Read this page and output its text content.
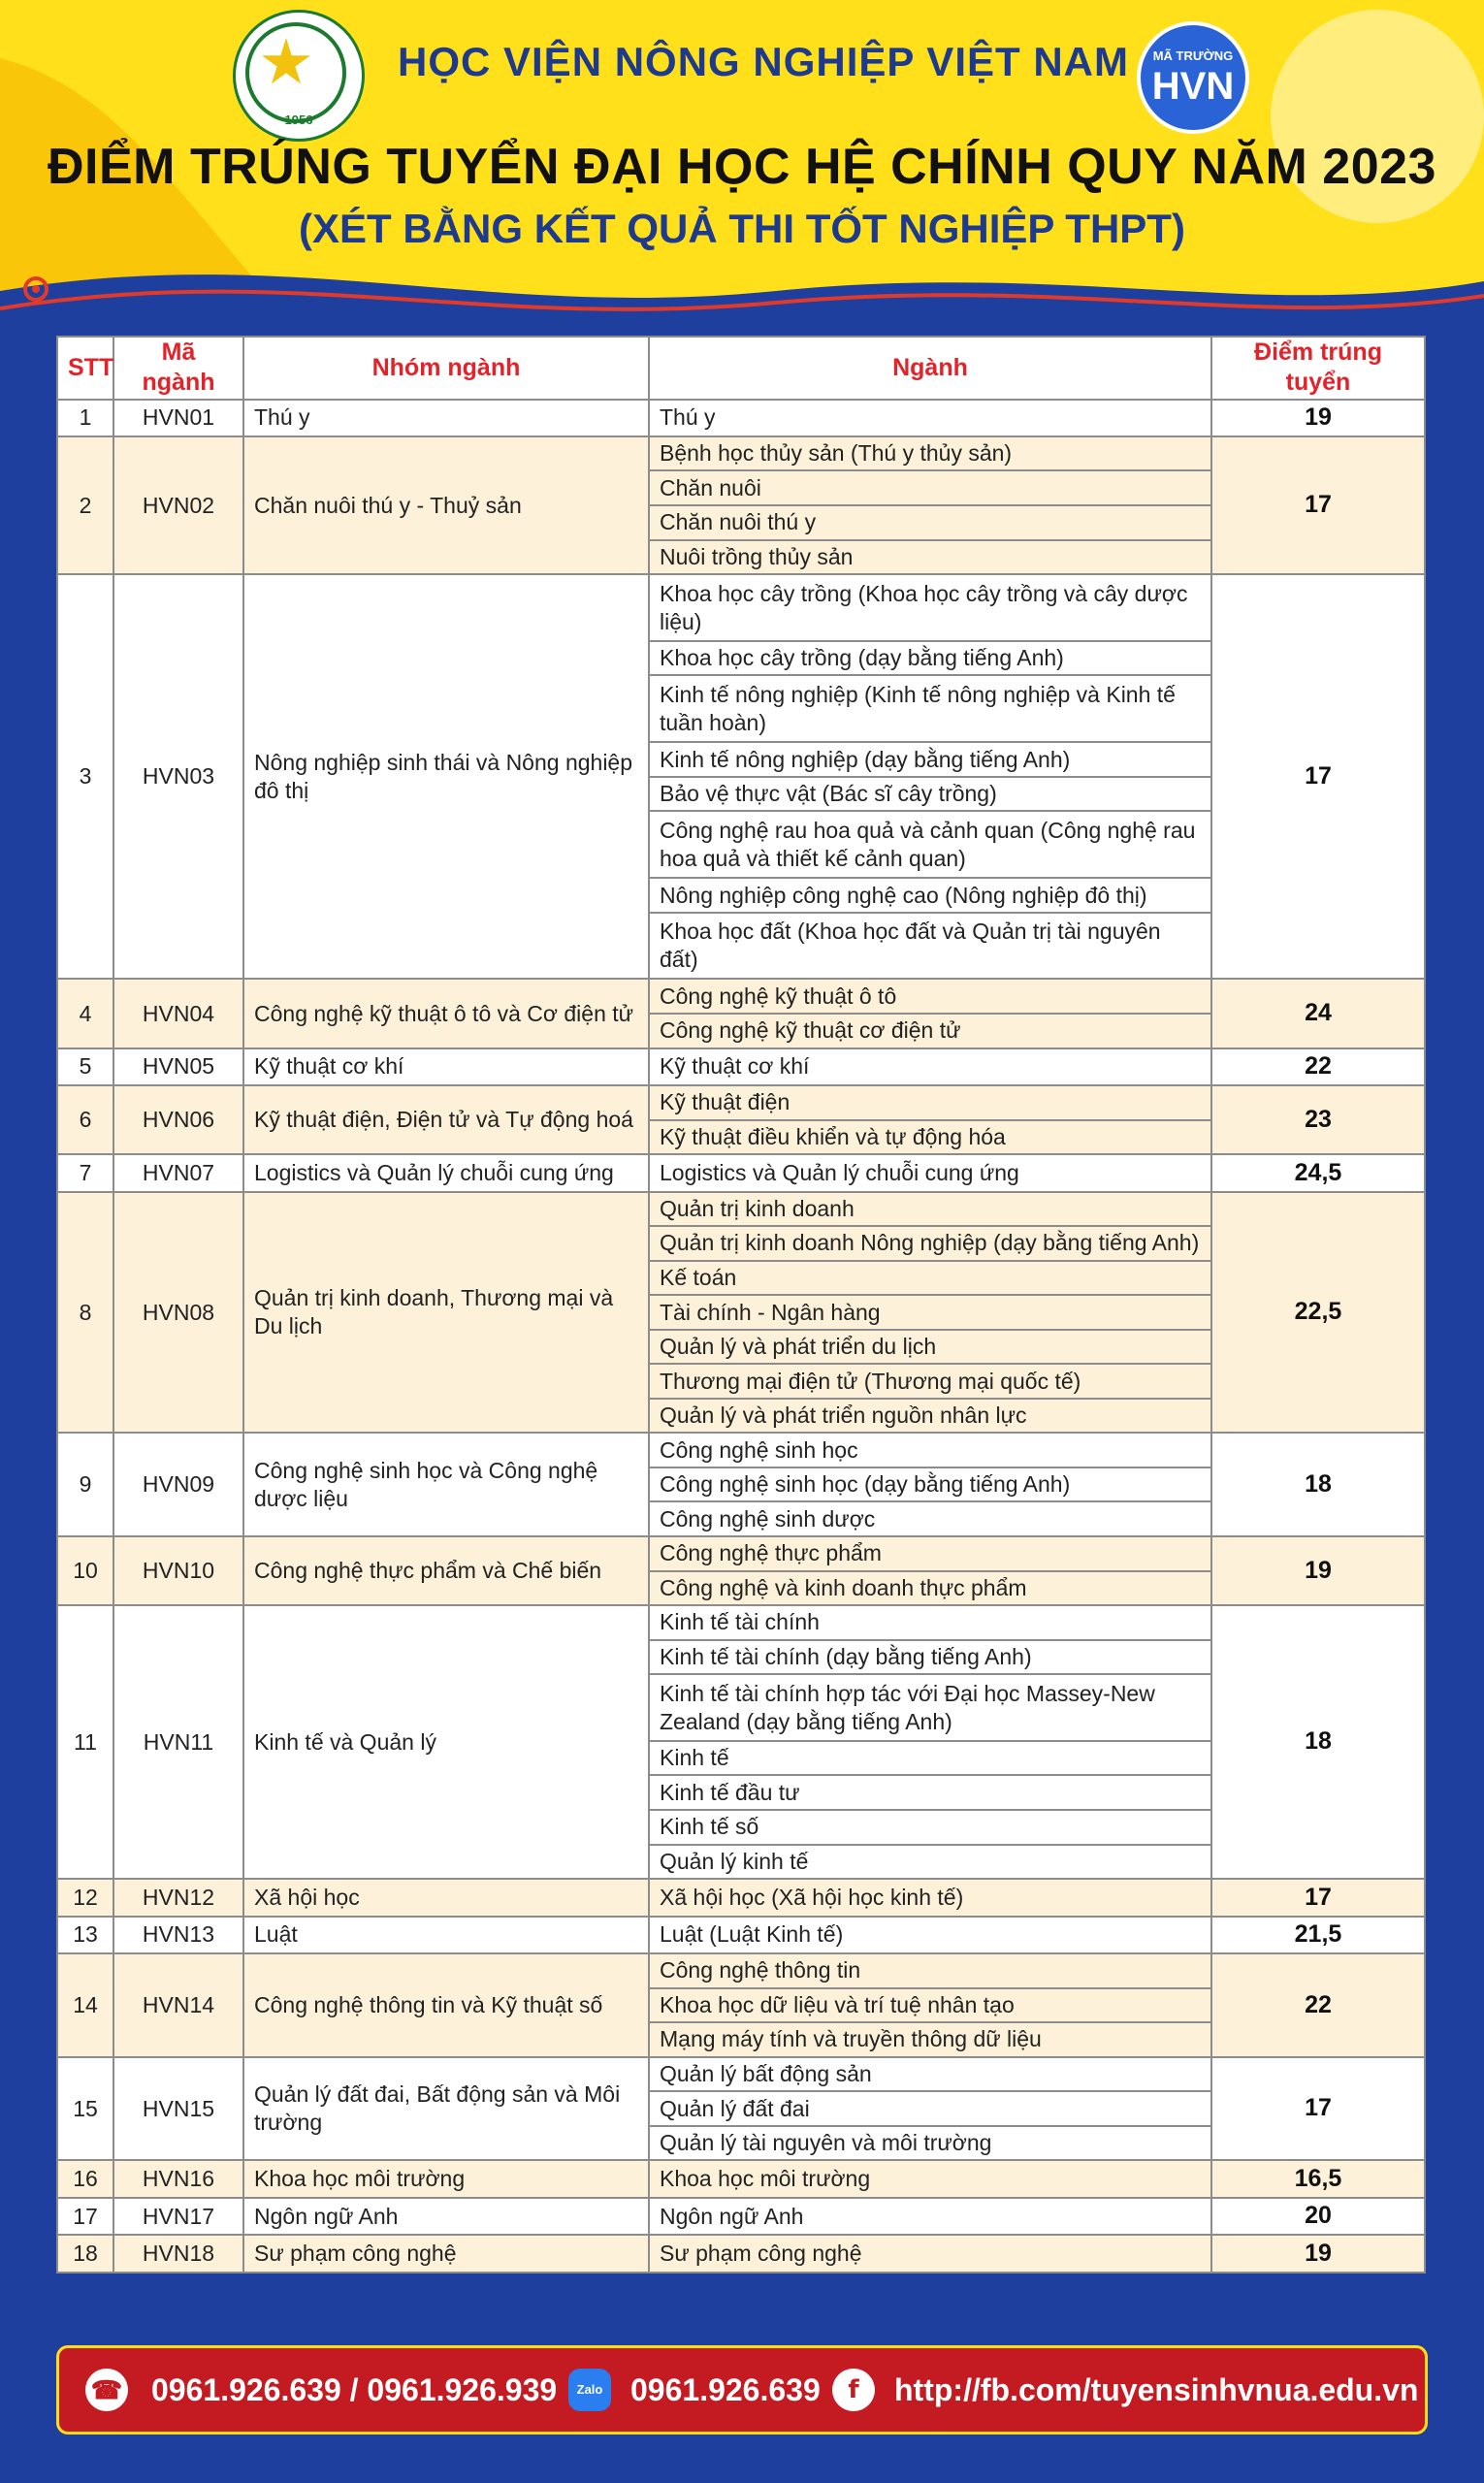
1956
HỌC VIỆN NÔNG NGHIỆP VIỆT NAM	MÃ TRƯỜNG
HVN
ĐIỂM TRÚNG TUYỂN ĐẠI HỌC HỆ CHÍNH QUY NĂM 2023
(XÉT BẰNG KẾT QUẢ THI TỐT NGHIỆP THPT)
STT	Mã ngành	Nhóm ngành	Ngành	Điểm trúng tuyển
1	HVN01	Thú y	Thú y	19
2	HVN02	Chăn nuôi thú y - Thuỷ sản	Bệnh học thủy sản (Thú y thủy sản)	17
			Chăn nuôi	
			Chăn nuôi thú y	
			Nuôi trồng thủy sản	
3	HVN03	Nông nghiệp sinh thái và Nông nghiệp đô thị	Khoa học cây trồng (Khoa học cây trồng và cây dược liệu)	17
			Khoa học cây trồng (dạy bằng tiếng Anh)	
			Kinh tế nông nghiệp (Kinh tế nông nghiệp và Kinh tế tuần hoàn)	
			Kinh tế nông nghiệp (dạy bằng tiếng Anh)	
			Bảo vệ thực vật (Bác sĩ cây trồng)	
			Công nghệ rau hoa quả và cảnh quan (Công nghệ rau hoa quả và thiết kế cảnh quan)	
			Nông nghiệp công nghệ cao (Nông nghiệp đô thị)	
			Khoa học đất (Khoa học đất và Quản trị tài nguyên đất)	
4	HVN04	Công nghệ kỹ thuật ô tô và Cơ điện tử	Công nghệ kỹ thuật ô tô	24
			Công nghệ kỹ thuật cơ điện tử	
5	HVN05	Kỹ thuật cơ khí	Kỹ thuật cơ khí	22
6	HVN06	Kỹ thuật điện, Điện tử và Tự động hoá	Kỹ thuật điện	23
			Kỹ thuật điều khiển và tự động hóa	
7	HVN07	Logistics và Quản lý chuỗi cung ứng	Logistics và Quản lý chuỗi cung ứng	24,5
8	HVN08	Quản trị kinh doanh, Thương mại và Du lịch	Quản trị kinh doanh	22,5
			Quản trị kinh doanh Nông nghiệp (dạy bằng tiếng Anh)	
			Kế toán	
			Tài chính - Ngân hàng	
			Quản lý và phát triển du lịch	
			Thương mại điện tử (Thương mại quốc tế)	
			Quản lý và phát triển nguồn nhân lực	
9	HVN09	Công nghệ sinh học và Công nghệ dược liệu	Công nghệ sinh học	18
			Công nghệ sinh học (dạy bằng tiếng Anh)	
			Công nghệ sinh dược	
10	HVN10	Công nghệ thực phẩm và Chế biến	Công nghệ thực phẩm	19
			Công nghệ và kinh doanh thực phẩm	
11	HVN11	Kinh tế và Quản lý	Kinh tế tài chính	18
			Kinh tế tài chính (dạy bằng tiếng Anh)	
			Kinh tế tài chính hợp tác với Đại học Massey-New Zealand (dạy bằng tiếng Anh)	
			Kinh tế	
			Kinh tế đầu tư	
			Kinh tế số	
			Quản lý kinh tế	
12	HVN12	Xã hội học	Xã hội học (Xã hội học kinh tế)	17
13	HVN13	Luật	Luật (Luật Kinh tế)	21,5
14	HVN14	Công nghệ thông tin và Kỹ thuật số	Công nghệ thông tin	22
			Khoa học dữ liệu và trí tuệ nhân tạo	
			Mạng máy tính và truyền thông dữ liệu	
15	HVN15	Quản lý đất đai, Bất động sản và Môi trường	Quản lý bất động sản	17
			Quản lý đất đai	
			Quản lý tài nguyên và môi trường	
16	HVN16	Khoa học môi trường	Khoa học môi trường	16,5
17	HVN17	Ngôn ngữ Anh	Ngôn ngữ Anh	20
18	HVN18	Sư phạm công nghệ	Sư phạm công nghệ	19
☎ 0961.926.639 / 0961.926.939	Zalo 0961.926.639	f	http://fb.com/tuyensinhvnua.edu.vn
